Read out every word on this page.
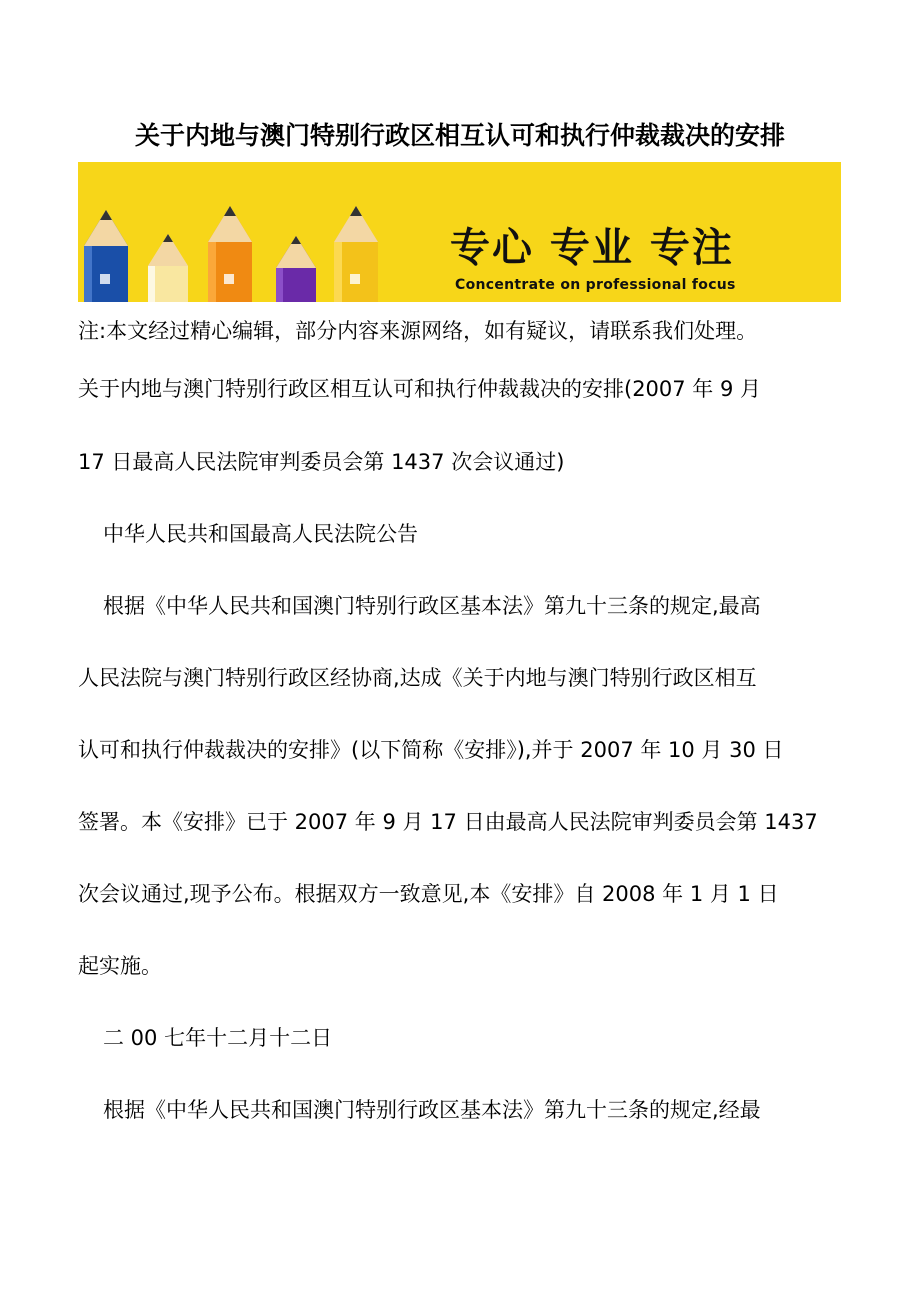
关于内地与澳门特别行政区相互认可和执行仲裁裁决的安排
专心 专业 专注
Concentrate on professional focus

注:本文经过精心编辑，部分内容来源网络，如有疑议，请联系我们处理。

关于内地与澳门特别行政区相互认可和执行仲裁裁决的安排(2007 年 9 月

17 日最高人民法院审判委员会第 1437 次会议通过)

中华人民共和国最高人民法院公告

根据《中华人民共和国澳门特别行政区基本法》第九十三条的规定,最高

人民法院与澳门特别行政区经协商,达成《关于内地与澳门特别行政区相互

认可和执行仲裁裁决的安排》(以下简称《安排》),并于 2007 年 10 月 30 日

签署。本《安排》已于 2007 年 9 月 17 日由最高人民法院审判委员会第 1437

次会议通过,现予公布。根据双方一致意见,本《安排》自 2008 年 1 月 1 日

起实施。

二 00 七年十二月十二日

根据《中华人民共和国澳门特别行政区基本法》第九十三条的规定,经最
